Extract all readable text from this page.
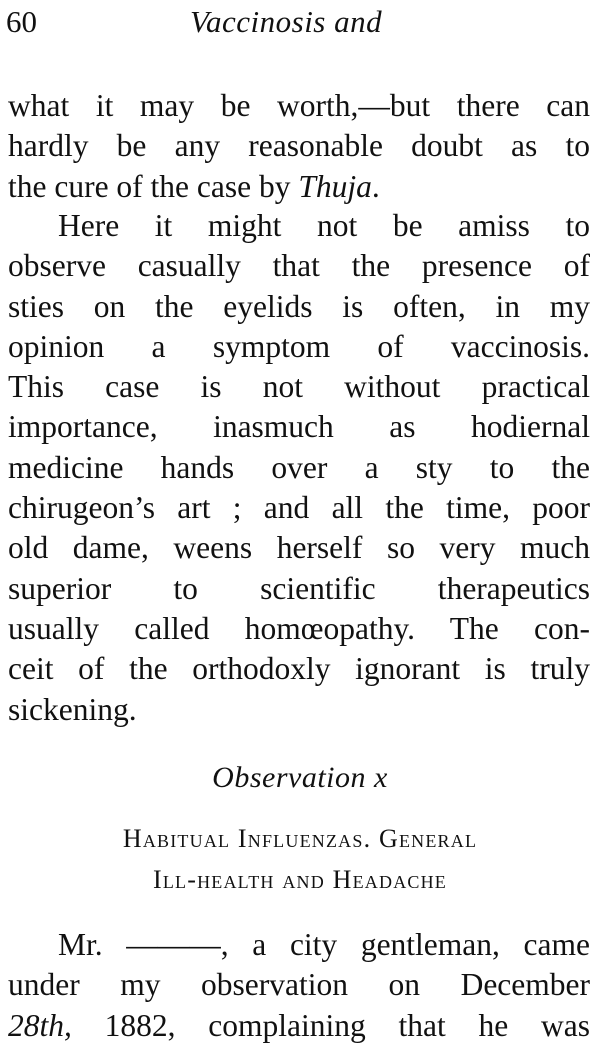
60	Vaccinosis and
what it may be worth,—but there can
hardly be any reasonable doubt as to
the cure of the case by Thuja.
Here it might not be amiss to
observe casually that the presence of
sties on the eyelids is often, in my
opinion a symptom of vaccinosis.
This case is not without practical
importance, inasmuch as hodiernal
medicine hands over a sty to the
chirugeon’s art ; and all the time, poor
old dame, weens herself so very much
superior to scientific therapeutics
usually called homœopathy. The con-
ceit of the orthodoxly ignorant is truly
sickening.
Observation x
Habitual Influenzas. General
Ill-health and Headache
Mr. ———, a city gentleman, came
under my observation on December
28th, 1882, complaining that he was
